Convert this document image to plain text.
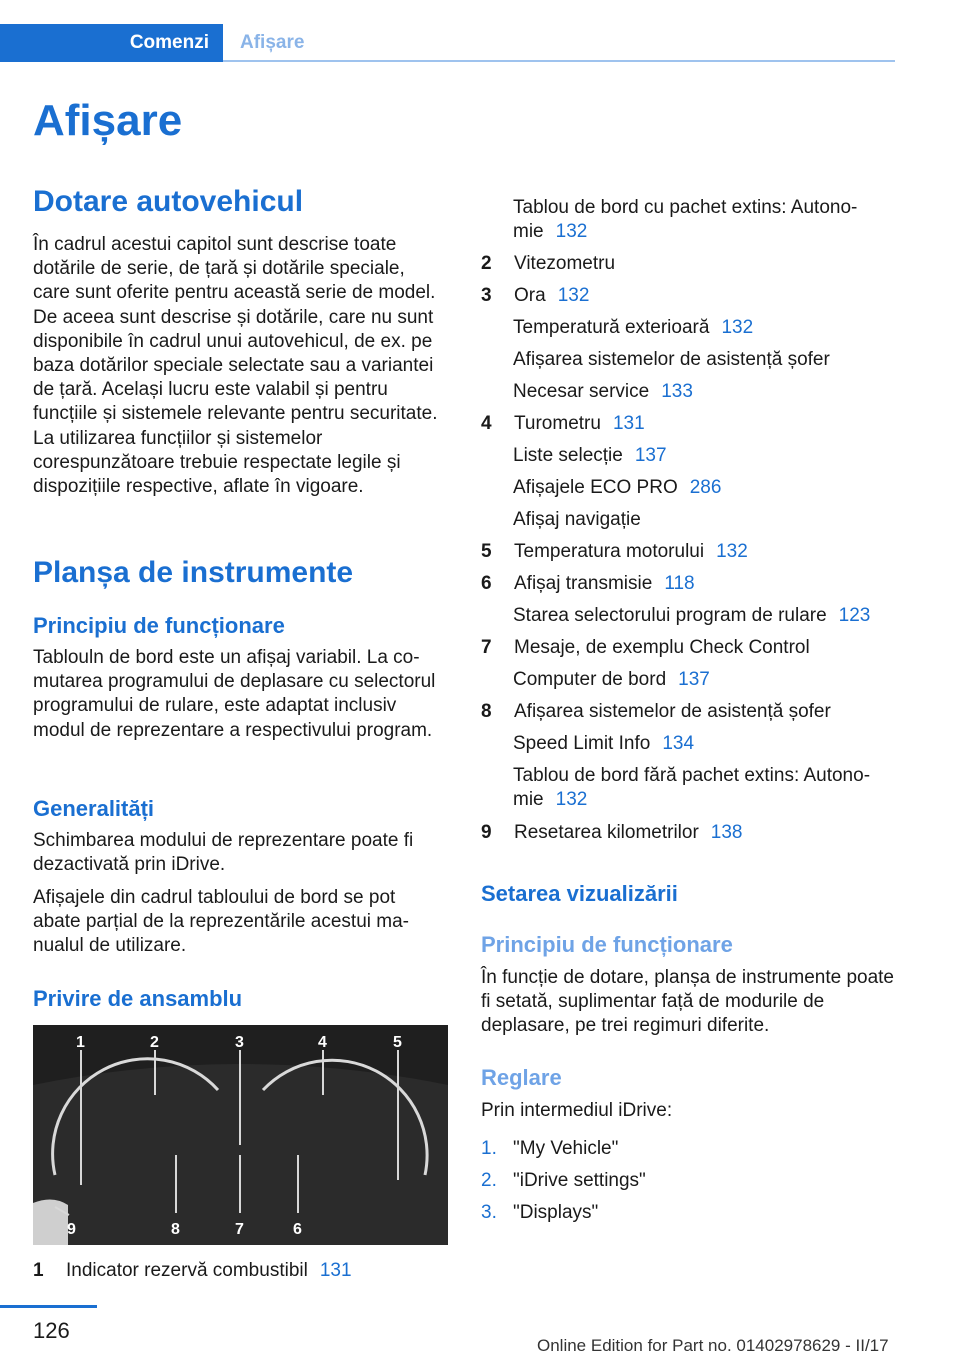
Comenzi Afișare
Afișare
Dotare autovehicul

În cadrul acestui capitol sunt descrise toate dotările de serie, de țară și dotările speciale, care sunt oferite pentru această serie de model. De aceea sunt descrise și dotările, care nu sunt disponibile în cadrul unui autovehicul, de ex. pe baza dotărilor speciale selectate sau a variantei de țară. Același lucru este valabil și pentru funcțiile și sistemele relevante pentru securitate. La utilizarea funcțiilor și sistemelor corespunzătoare trebuie respectate legile și dispozițiile respective, aflate în vigoare.

Planșa de instrumente
Principiu de funcționare

Tablouln de bord este un afișaj variabil. La comutarea programului de deplasare cu selectorul programului de rulare, este adaptat inclusiv modul de reprezentare a respectivului program.

Generalități

Schimbarea modului de reprezentare poate fi dezactivată prin iDrive.

Afișajele din cadrul tabloului de bord se pot abate parțial de la reprezentările acestui manualul de utilizare.

Privire de ansamblu
1	2	3	4	5
6
7
8
9
1 Indicator rezervă combustibil 131
Tablou de bord cu pachet extins: Autonomie 132
2 Vitezometru
3 Ora 132
Temperatură exterioară 132
Afișarea sistemelor de asistență șofer
Necesar service 133
4 Turometru 131
Liste selecție 137
Afișajele ECO PRO 286
Afișaj navigație
5 Temperatura motorului 132
6 Afișaj transmisie 118
Starea selectorului program de rulare 123
7 Mesaje, de exemplu Check Control
Computer de bord 137
8 Afișarea sistemelor de asistență șofer
Speed Limit Info 134
Tablou de bord fără pachet extins: Autonomie 132
9 Resetarea kilometrilor 138
Setarea vizualizării
Principiu de funcționare

În funcție de dotare, planșa de instrumente poate fi setată, suplimentar față de modurile de deplasare, pe trei regimuri diferite.

Reglare

Prin intermediul iDrive:

1. "My Vehicle"
2. "iDrive settings"
3. "Displays"
126
Online Edition for Part no. 01402978629 - II/17
